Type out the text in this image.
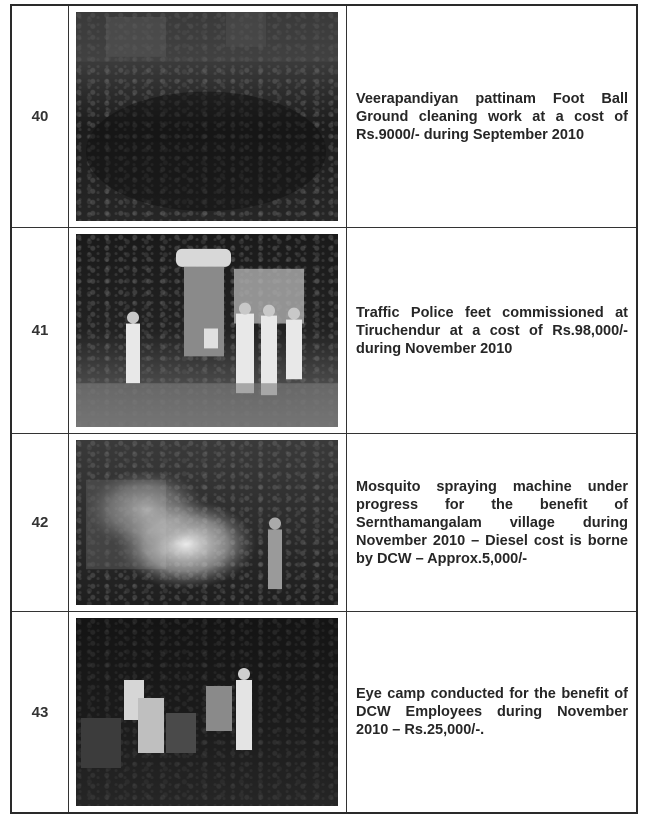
40
Veerapandiyan pattinam Foot Ball Ground cleaning work at a cost of Rs.9000/- during September 2010
41
Traffic Police feet commissioned at Tiruchendur at a cost of Rs.98,000/- during November 2010
42
Mosquito spraying machine under progress for the benefit of Sernthamangalam village during November 2010 – Diesel cost is borne by DCW – Approx.5,000/-
43
Eye camp conducted for the benefit of DCW Employees during November 2010 – Rs.25,000/-.
